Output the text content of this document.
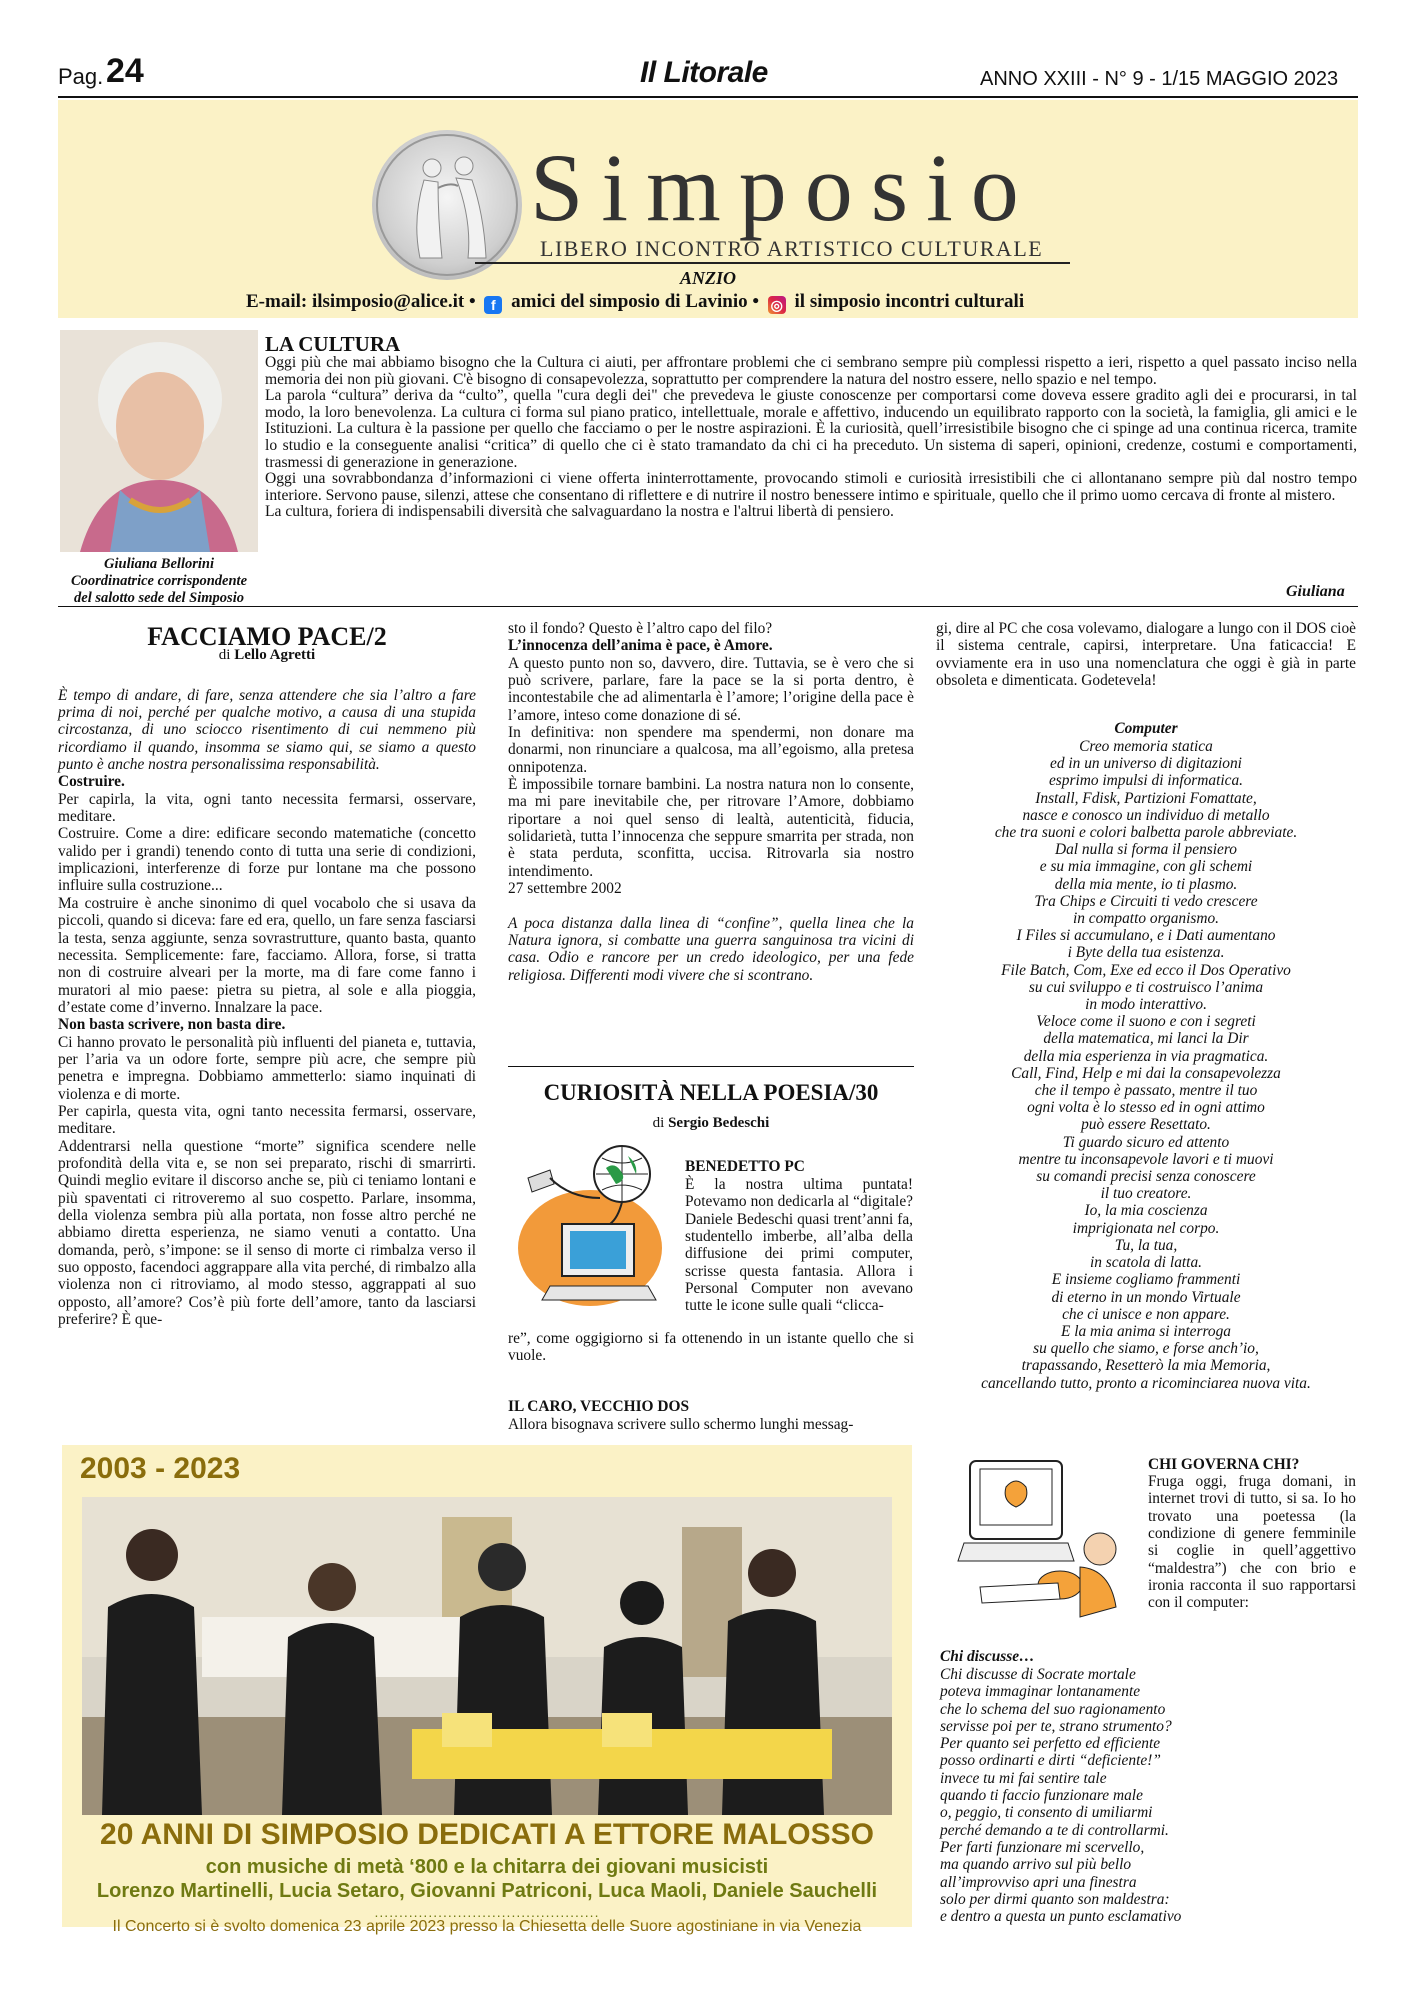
Pag. 24	Il Litorale	ANNO XXIII - N° 9 - 1/15 MAGGIO 2023
Simposio
LIBERO INCONTRO ARTISTICO CULTURALE
ANZIO
E-mail: ilsimposio@alice.it • f amici del simposio di Lavinio • ◎ il simposio incontri culturali
Giuliana Bellorini
Coordinatrice corrispondente
del salotto sede del Simposio
LA CULTURA

Oggi più che mai abbiamo bisogno che la Cultura ci aiuti, per affrontare problemi che ci sembrano sempre più complessi rispetto a ieri, rispetto a quel passato inciso nella memoria dei non più giovani. C'è bisogno di consapevolezza, soprattutto per comprendere la natura del nostro essere, nello spazio e nel tempo.

La parola “cultura” deriva da “culto”, quella "cura degli dei" che prevedeva le giuste conoscenze per comportarsi come doveva essere gradito agli dei e procurarsi, in tal modo, la loro benevolenza. La cultura ci forma sul piano pratico, intellettuale, morale e affettivo, inducendo un equilibrato rapporto con la società, la famiglia, gli amici e le Istituzioni. La cultura è la passione per quello che facciamo o per le nostre aspirazioni. È la curiosità, quell’irresistibile bisogno che ci spinge ad una continua ricerca, tramite lo studio e la conseguente analisi “critica” di quello che ci è stato tramandato da chi ci ha preceduto. Un sistema di saperi, opinioni, credenze, costumi e comportamenti, trasmessi di generazione in generazione.

Oggi una sovrabbondanza d’informazioni ci viene offerta ininterrottamente, provocando stimoli e curiosità irresistibili che ci allontanano sempre più dal nostro tempo interiore. Servono pause, silenzi, attese che consentano di riflettere e di nutrire il nostro benessere intimo e spirituale, quello che il primo uomo cercava di fronte al mistero.

La cultura, foriera di indispensabili diversità che salvaguardano la nostra e l'altrui libertà di pensiero.

Giuliana
FACCIAMO PACE/2
di Lello Agretti

È tempo di andare, di fare, senza attendere che sia l’altro a fare prima di noi, perché per qualche motivo, a causa di una stupida circostanza, di uno sciocco risentimento di cui nemmeno più ricordiamo il quando, insomma se siamo qui, se siamo a questo punto è anche nostra personalissima responsabilità.

Costruire.

Per capirla, la vita, ogni tanto necessita fermarsi, osservare, meditare.

Costruire. Come a dire: edificare secondo matematiche (concetto valido per i grandi) tenendo conto di tutta una serie di condizioni, implicazioni, interferenze di forze pur lontane ma che possono influire sulla costruzione...

Ma costruire è anche sinonimo di quel vocabolo che si usava da piccoli, quando si diceva: fare ed era, quello, un fare senza fasciarsi la testa, senza aggiunte, senza sovrastrutture, quanto basta, quanto necessita. Semplicemente: fare, facciamo. Allora, forse, si tratta non di costruire alveari per la morte, ma di fare come fanno i muratori al mio paese: pietra su pietra, al sole e alla pioggia, d’estate come d’inverno. Innalzare la pace.

Non basta scrivere, non basta dire.

Ci hanno provato le personalità più influenti del pianeta e, tuttavia, per l’aria va un odore forte, sempre più acre, che sempre più penetra e impregna. Dobbiamo ammetterlo: siamo inquinati di violenza e di morte.

Per capirla, questa vita, ogni tanto necessita fermarsi, osservare, meditare.

Addentrarsi nella questione “morte” significa scendere nelle profondità della vita e, se non sei preparato, rischi di smarrirti. Quindi meglio evitare il discorso anche se, più ci teniamo lontani e più spaventati ci ritroveremo al suo cospetto. Parlare, insomma, della violenza sembra più alla portata, non fosse altro perché ne abbiamo diretta esperienza, ne siamo venuti a contatto. Una domanda, però, s’impone: se il senso di morte ci rimbalza verso il suo opposto, facendoci aggrappare alla vita perché, di rimbalzo alla violenza non ci ritroviamo, al modo stesso, aggrappati al suo opposto, all’amore? Cos’è più forte dell’amore, tanto da lasciarsi preferire? È que-

sto il fondo? Questo è l’altro capo del filo?

L’innocenza dell’anima è pace, è Amore.

A questo punto non so, davvero, dire. Tuttavia, se è vero che si può scrivere, parlare, fare la pace se la si porta dentro, è incontestabile che ad alimentarla è l’amore; l’origine della pace è l’amore, inteso come donazione di sé.

In definitiva: non spendere ma spendermi, non donare ma donarmi, non rinunciare a qualcosa, ma all’egoismo, alla pretesa onnipotenza.

È impossibile tornare bambini. La nostra natura non lo consente, ma mi pare inevitabile che, per ritrovare l’Amore, dobbiamo riportare a noi quel senso di lealtà, autenticità, fiducia, solidarietà, tutta l’innocenza che seppure smarrita per strada, non è stata perduta, sconfitta, uccisa. Ritrovarla sia nostro intendimento.

27 settembre 2002

A poca distanza dalla linea di “confine”, quella linea che la Natura ignora, si combatte una guerra sanguinosa tra vicini di casa. Odio e rancore per un credo ideologico, per una fede religiosa. Differenti modi vivere che si scontrano.

CURIOSITÀ NELLA POESIA/30
di Sergio Bedeschi
BENEDETTO PC
È la nostra ultima puntata! Potevamo non dedicarla al “digitale? Daniele Bedeschi quasi trent’anni fa, studentello imberbe, all’alba della diffusione dei primi computer, scrisse questa fantasia. Allora i Personal Computer non avevano tutte le icone sulle quali “clicca-
re”, come oggigiorno si fa ottenendo in un istante quello che si vuole.
IL CARO, VECCHIO DOS
Allora bisognava scrivere sullo schermo lunghi messag-
gi, dire al PC che cosa volevamo, dialogare a lungo con il DOS cioè il sistema centrale, capirsi, interpretare. Una faticaccia! E ovviamente era in uso una nomenclatura che oggi è già in parte obsoleta e dimenticata. Godetevela!
Computer
Creo memoria statica
ed in un universo di digitazioni
esprimo impulsi di informatica.
Install, Fdisk, Partizioni Fomattate,
nasce e conosco un individuo di metallo
che tra suoni e colori balbetta parole abbreviate.
Dal nulla si forma il pensiero
e su mia immagine, con gli schemi
della mia mente, io ti plasmo.
Tra Chips e Circuiti ti vedo crescere
in compatto organismo.
I Files si accumulano, e i Dati aumentano
i Byte della tua esistenza.
File Batch, Com, Exe ed ecco il Dos Operativo
su cui sviluppo e ti costruisco l’anima
in modo interattivo.
Veloce come il suono e con i segreti
della matematica, mi lanci la Dir
della mia esperienza in via pragmatica.
Call, Find, Help e mi dai la consapevolezza
che il tempo è passato, mentre il tuo
ogni volta è lo stesso ed in ogni attimo
può essere Resettato.
Ti guardo sicuro ed attento
mentre tu inconsapevole lavori e ti muovi
su comandi precisi senza conoscere
il tuo creatore.
Io, la mia coscienza
imprigionata nel corpo.
Tu, la tua,
in scatola di latta.
E insieme cogliamo frammenti
di eterno in un mondo Virtuale
che ci unisce e non appare.
E la mia anima si interroga
su quello che siamo, e forse anch’io,
trapassando, Resetterò la mia Memoria,
cancellando tutto, pronto a ricominciarea nuova vita.
CHI GOVERNA CHI?
Fruga oggi, fruga domani, in internet trovi di tutto, si sa. Io ho trovato una poetessa (la condizione di genere femminile si coglie in quell’aggettivo “maldestra”) che con brio e ironia racconta il suo rapportarsi con il computer:
Chi discusse…
Chi discusse di Socrate mortale
poteva immaginar lontanamente
che lo schema del suo ragionamento
servisse poi per te, strano strumento?
Per quanto sei perfetto ed efficiente
posso ordinarti e dirti “deficiente!”
invece tu mi fai sentire tale
quando ti faccio funzionare male
o, peggio, ti consento di umiliarmi
perché demando a te di controllarmi.
Per farti funzionare mi scervello,
ma quando arrivo sul più bello
all’improvviso apri una finestra
solo per dirmi quanto son maldestra:
e dentro a questa un punto esclamativo
2003 - 2023
20 ANNI DI SIMPOSIO DEDICATI A ETTORE MALOSSO
con musiche di metà ‘800 e la chitarra dei giovani musicisti
Lorenzo Martinelli, Lucia Setaro, Giovanni Patriconi, Luca Maoli, Daniele Sauchelli
..............................................
Il Concerto si è svolto domenica 23 aprile 2023 presso la Chiesetta delle Suore agostiniane in via Venezia
